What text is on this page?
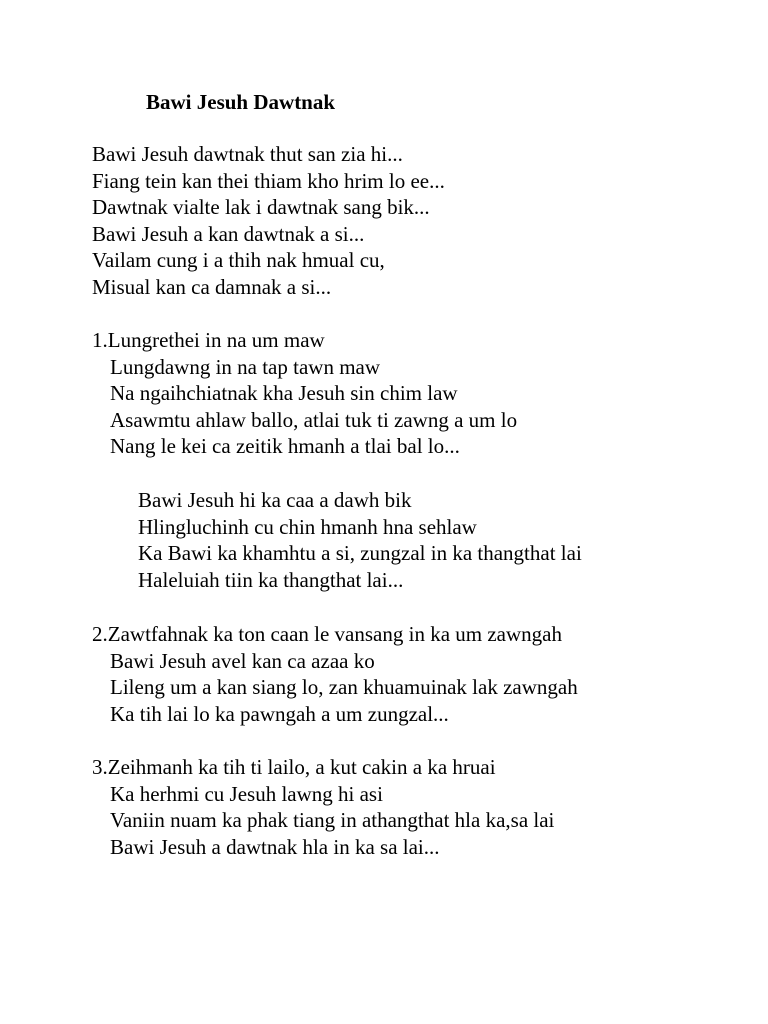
Bawi Jesuh Dawtnak
Bawi Jesuh dawtnak thut san zia hi...
Fiang tein kan thei thiam kho hrim lo ee...
Dawtnak vialte lak i dawtnak sang bik...
Bawi Jesuh a kan dawtnak a si...
Vailam cung i a thih nak hmual cu,
Misual kan ca damnak a si...
1.Lungrethei in na um maw
Lungdawng in na tap tawn maw
Na ngaihchiatnak kha Jesuh sin chim law
Asawmtu ahlaw ballo, atlai tuk ti zawng a um lo
Nang le kei ca zeitik hmanh a tlai bal lo...
Bawi Jesuh hi ka caa a dawh bik
Hlingluchinh cu chin hmanh hna sehlaw
Ka Bawi ka khamhtu a si, zungzal in ka thangthat lai
Haleluiah tiin ka thangthat lai...
2.Zawtfahnak ka ton caan le vansang in ka um zawngah
Bawi Jesuh avel kan ca azaa ko
Lileng um a kan siang lo, zan khuamuinak lak zawngah
Ka tih lai lo ka pawngah a um zungzal...
3.Zeihmanh ka tih ti lailo, a kut cakin a ka hruai
Ka herhmi cu Jesuh lawng hi asi
Vaniin nuam ka phak tiang in athangthat hla ka,sa lai
Bawi Jesuh a dawtnak hla in ka sa lai...
